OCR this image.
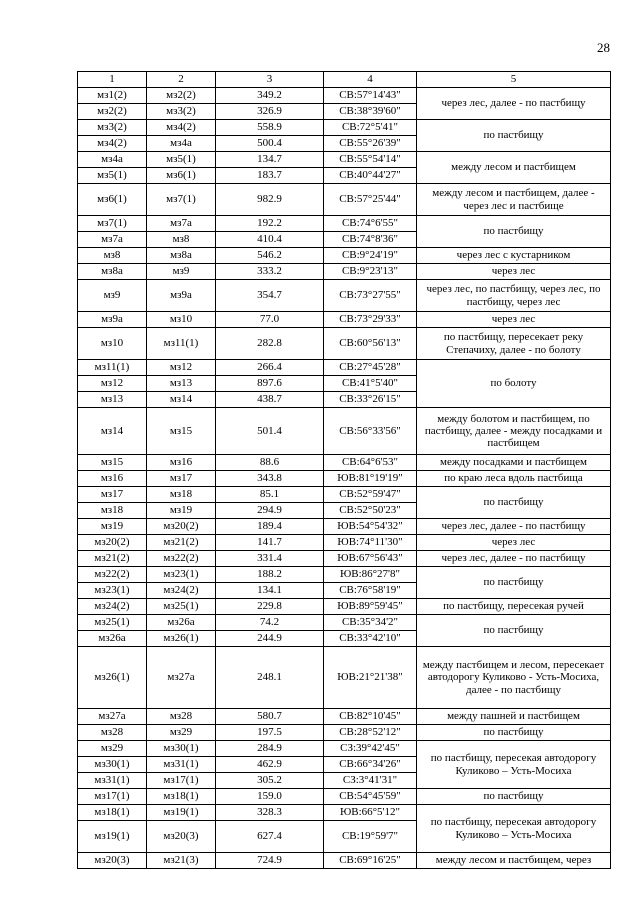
28
1	2	3	4	5
мз1(2)	мз2(2)	349.2	СВ:57°14'43"	через лес, далее - по пастбищу
мз2(2)	мз3(2)	326.9	СВ:38°39'60"	
мз3(2)	мз4(2)	558.9	СВ:72°5'41"	по пастбищу
мз4(2)	мз4а	500.4	СВ:55°26'39"	
мз4а	мз5(1)	134.7	СВ:55°54'14"	между лесом и пастбищем
мз5(1)	мз6(1)	183.7	СВ:40°44'27"	
мз6(1)	мз7(1)	982.9	СВ:57°25'44"	между лесом и пастбищем, далее - через лес и пастбище
мз7(1)	мз7а	192.2	СВ:74°6'55"	по пастбищу
мз7а	мз8	410.4	СВ:74°8'36"	
мз8	мз8а	546.2	СВ:9°24'19"	через лес с кустарником
мз8а	мз9	333.2	СВ:9°23'13"	через лес
мз9	мз9а	354.7	СВ:73°27'55"	через лес, по пастбищу, через лес, по пастбищу, через лес
мз9а	мз10	77.0	СВ:73°29'33"	через лес
мз10	мз11(1)	282.8	СВ:60°56'13"	по пастбищу, пересекает реку Степачиху, далее - по болоту
мз11(1)	мз12	266.4	СВ:27°45'28"	по болоту
мз12	мз13	897.6	СВ:41°5'40"	
мз13	мз14	438.7	СВ:33°26'15"	
мз14	мз15	501.4	СВ:56°33'56"	между болотом и пастбищем, по пастбищу, далее - между посадками и пастбищем
мз15	мз16	88.6	СВ:64°6'53"	между посадками и пастбищем
мз16	мз17	343.8	ЮВ:81°19'19"	по краю леса вдоль пастбища
мз17	мз18	85.1	СВ:52°59'47"	по пастбищу
мз18	мз19	294.9	СВ:52°50'23"	
мз19	мз20(2)	189.4	ЮВ:54°54'32"	через лес, далее - по пастбищу
мз20(2)	мз21(2)	141.7	ЮВ:74°11'30"	через лес
мз21(2)	мз22(2)	331.4	ЮВ:67°56'43"	через лес, далее - по пастбищу
мз22(2)	мз23(1)	188.2	ЮВ:86°27'8"	по пастбищу
мз23(1)	мз24(2)	134.1	СВ:76°58'19"	
мз24(2)	мз25(1)	229.8	ЮВ:89°59'45"	по пастбищу, пересекая ручей
мз25(1)	мз26а	74.2	СВ:35°34'2"	по пастбищу
мз26а	мз26(1)	244.9	СВ:33°42'10"	
мз26(1)	мз27а	248.1	ЮВ:21°21'38"	между пастбищем и лесом, пересекает автодорогу Куликово - Усть-Мосиха, далее - по пастбищу
мз27а	мз28	580.7	СВ:82°10'45"	между пашней и пастбищем
мз28	мз29	197.5	СВ:28°52'12"	по пастбищу
мз29	мз30(1)	284.9	СЗ:39°42'45"	по пастбищу, пересекая автодорогу Куликово – Усть-Мосиха
мз30(1)	мз31(1)	462.9	СВ:66°34'26"	
мз31(1)	мз17(1)	305.2	СЗ:3°41'31"	
мз17(1)	мз18(1)	159.0	СВ:54°45'59"	по пастбищу
мз18(1)	мз19(1)	328.3	ЮВ:66°5'12"	по пастбищу, пересекая автодорогу Куликово – Усть-Мосиха
мз19(1)	мз20(3)	627.4	СВ:19°59'7"	
мз20(3)	мз21(3)	724.9	СВ:69°16'25"	между лесом и пастбищем, через
